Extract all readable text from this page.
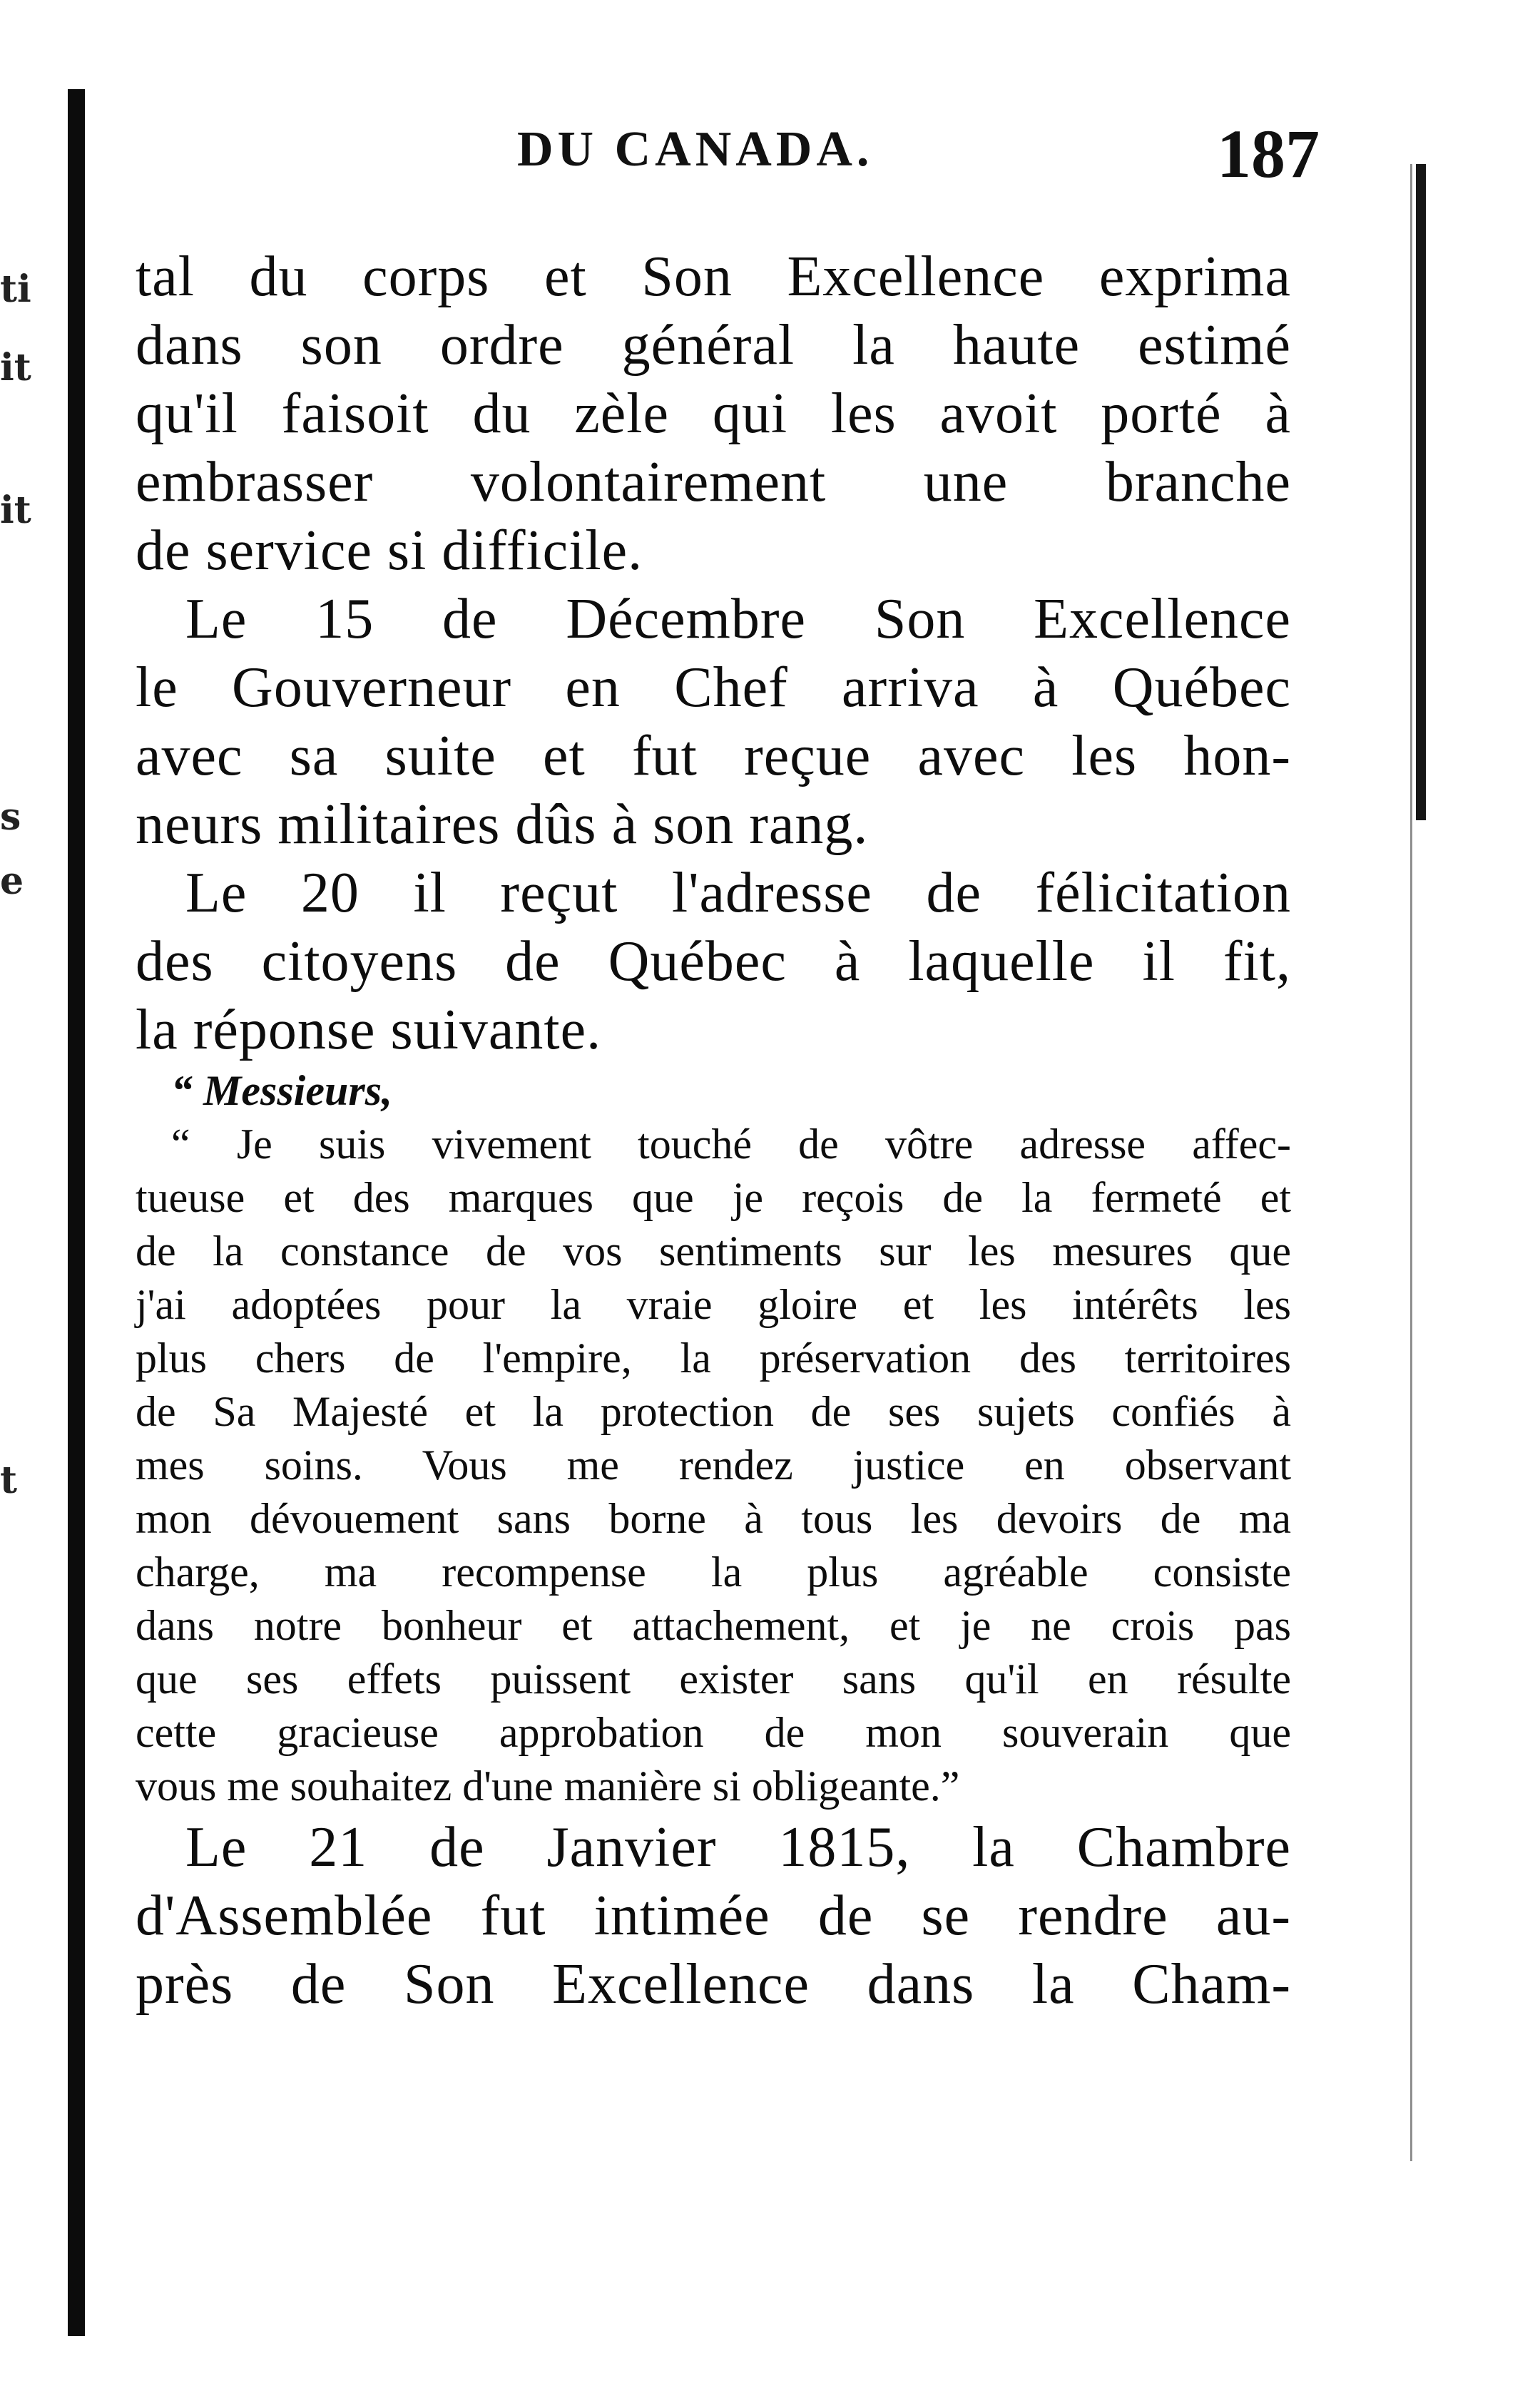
ti
it
it
s
e
t
DU CANADA.	187
tal du corps et Son Excellence exprima
dans son ordre général la haute estimé
qu'il faisoit du zèle qui les avoit porté à
embrasser volontairement une branche
de service si difficile.
Le 15 de Décembre Son Excellence
le Gouverneur en Chef arriva à Québec
avec sa suite et fut reçue avec les hon-
neurs militaires dûs à son rang.
Le 20 il reçut l'adresse de félicitation
des citoyens de Québec à laquelle il fit,
la réponse suivante.
“ Messieurs,
“ Je suis vivement touché de vôtre adresse affec-
tueuse et des marques que je reçois de la fermeté et
de la constance de vos sentiments sur les mesures que
j'ai adoptées pour la vraie gloire et les intérêts les
plus chers de l'empire, la préservation des territoires
de Sa Majesté et la protection de ses sujets confiés à
mes soins. Vous me rendez justice en observant
mon dévouement sans borne à tous les devoirs de ma
charge, ma recompense la plus agréable consiste
dans notre bonheur et attachement, et je ne crois pas
que ses effets puissent exister sans qu'il en résulte
cette gracieuse approbation de mon souverain que
vous me souhaitez d'une manière si obligeante.”
Le 21 de Janvier 1815, la Chambre
d'Assemblée fut intimée de se rendre au-
près de Son Excellence dans la Cham-
